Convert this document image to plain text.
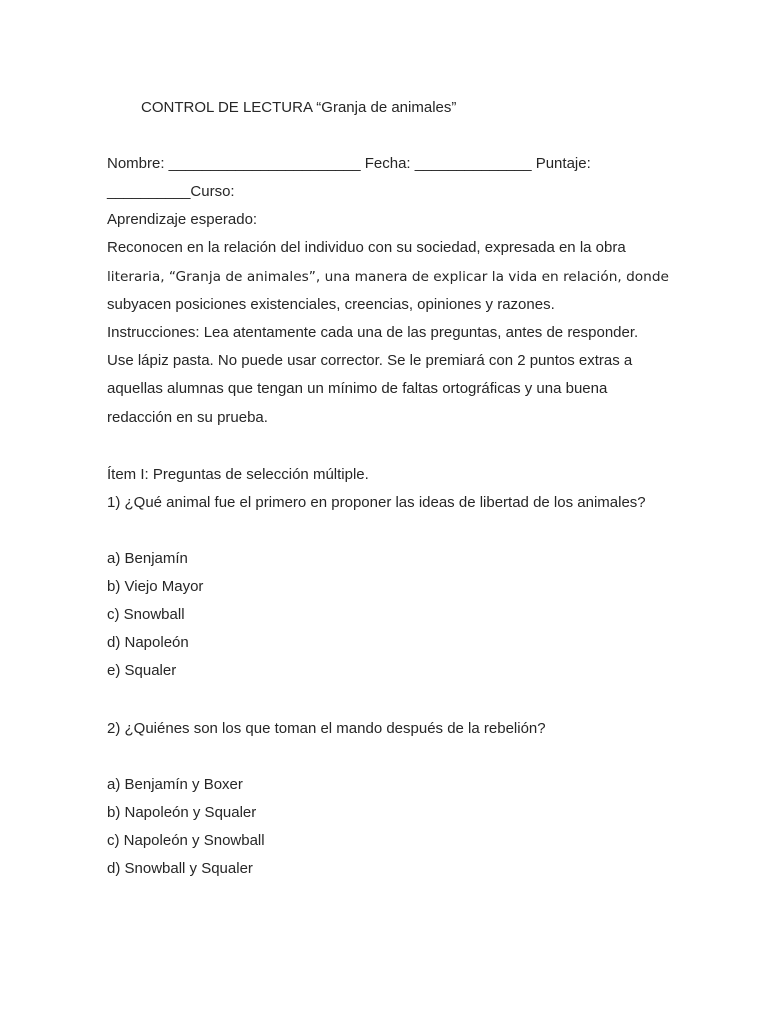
CONTROL DE LECTURA “Granja de animales”
Nombre: _______________________ Fecha: ______________ Puntaje:
__________Curso:
Aprendizaje esperado:
Reconocen en la relación del individuo con su sociedad, expresada en la obra
literaria, “Granja de animales”, una manera de explicar la vida en relación, donde
subyacen posiciones existenciales, creencias, opiniones y razones.
Instrucciones: Lea atentamente cada una de las preguntas, antes de responder.
Use lápiz pasta. No puede usar corrector. Se le premiará con 2 puntos extras a
aquellas alumnas que tengan un mínimo de faltas ortográficas y una buena
redacción en su prueba.
Ítem I: Preguntas de selección múltiple.
1) ¿Qué animal fue el primero en proponer las ideas de libertad de los animales?
a) Benjamín
b) Viejo Mayor
c) Snowball
d) Napoleón
e) Squaler
2) ¿Quiénes son los que toman el mando después de la rebelión?
a) Benjamín y Boxer
b) Napoleón y Squaler
c) Napoleón y Snowball
d) Snowball y Squaler
